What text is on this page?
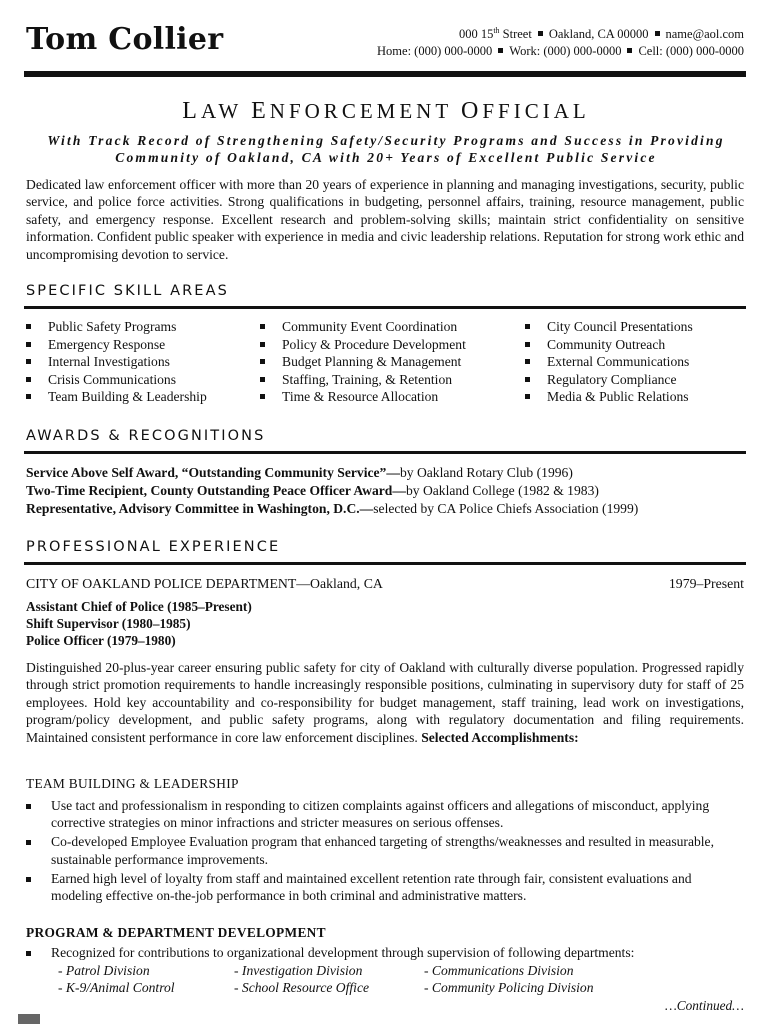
Tom Collier	000 15th Street Oakland, CA 00000 name@aol.com
Home: (000) 000-0000 Work: (000) 000-0000 Cell: (000) 000-0000
LAW ENFORCEMENT OFFICIAL
With Track Record of Strengthening Safety/Security Programs and Success in Providing
Community of Oakland, CA with 20+ Years of Excellent Public Service
Dedicated law enforcement officer with more than 20 years of experience in planning and managing investigations, security, public service, and police force activities. Strong qualifications in budgeting, personnel affairs, training, resource management, public safety, and emergency response. Excellent research and problem-solving skills; maintain strict confidentiality on sensitive information. Confident public speaker with experience in media and civic leadership relations. Reputation for strong work ethic and uncompromising devotion to service.
SPECIFIC SKILL AREAS
Public Safety Programs
Emergency Response
Internal Investigations
Crisis Communications
Team Building & Leadership
Community Event Coordination
Policy & Procedure Development
Budget Planning & Management
Staffing, Training, & Retention
Time & Resource Allocation
City Council Presentations
Community Outreach
External Communications
Regulatory Compliance
Media & Public Relations
AWARDS & RECOGNITIONS
Service Above Self Award, “Outstanding Community Service”—by Oakland Rotary Club (1996)
Two-Time Recipient, County Outstanding Peace Officer Award—by Oakland College (1982 & 1983)
Representative, Advisory Committee in Washington, D.C.—selected by CA Police Chiefs Association (1999)
PROFESSIONAL EXPERIENCE
CITY OF OAKLAND POLICE DEPARTMENT—Oakland, CA	1979–Present
Assistant Chief of Police (1985–Present)
Shift Supervisor (1980–1985)
Police Officer (1979–1980)
Distinguished 20-plus-year career ensuring public safety for city of Oakland with culturally diverse population. Progressed rapidly through strict promotion requirements to handle increasingly responsible positions, culminating in supervisory duty for staff of 25 employees. Hold key accountability and co-responsibility for budget management, staff training, lead work on investigations, program/policy development, and public safety programs, along with regulatory documentation and filing requirements. Maintained consistent performance in core law enforcement disciplines. Selected Accomplishments:
TEAM BUILDING & LEADERSHIP
Use tact and professionalism in responding to citizen complaints against officers and allegations of misconduct, applying corrective strategies on minor infractions and stricter measures on serious offenses.
Co-developed Employee Evaluation program that enhanced targeting of strengths/weaknesses and resulted in measurable, sustainable performance improvements.
Earned high level of loyalty from staff and maintained excellent retention rate through fair, consistent evaluations and modeling effective on-the-job performance in both criminal and administrative matters.
PROGRAM & DEPARTMENT DEVELOPMENT
Recognized for contributions to organizational development through supervision of following departments:
- Patrol Division	- Investigation Division	- Communications Division
- K-9/Animal Control	- School Resource Office	- Community Policing Division
…Continued…
